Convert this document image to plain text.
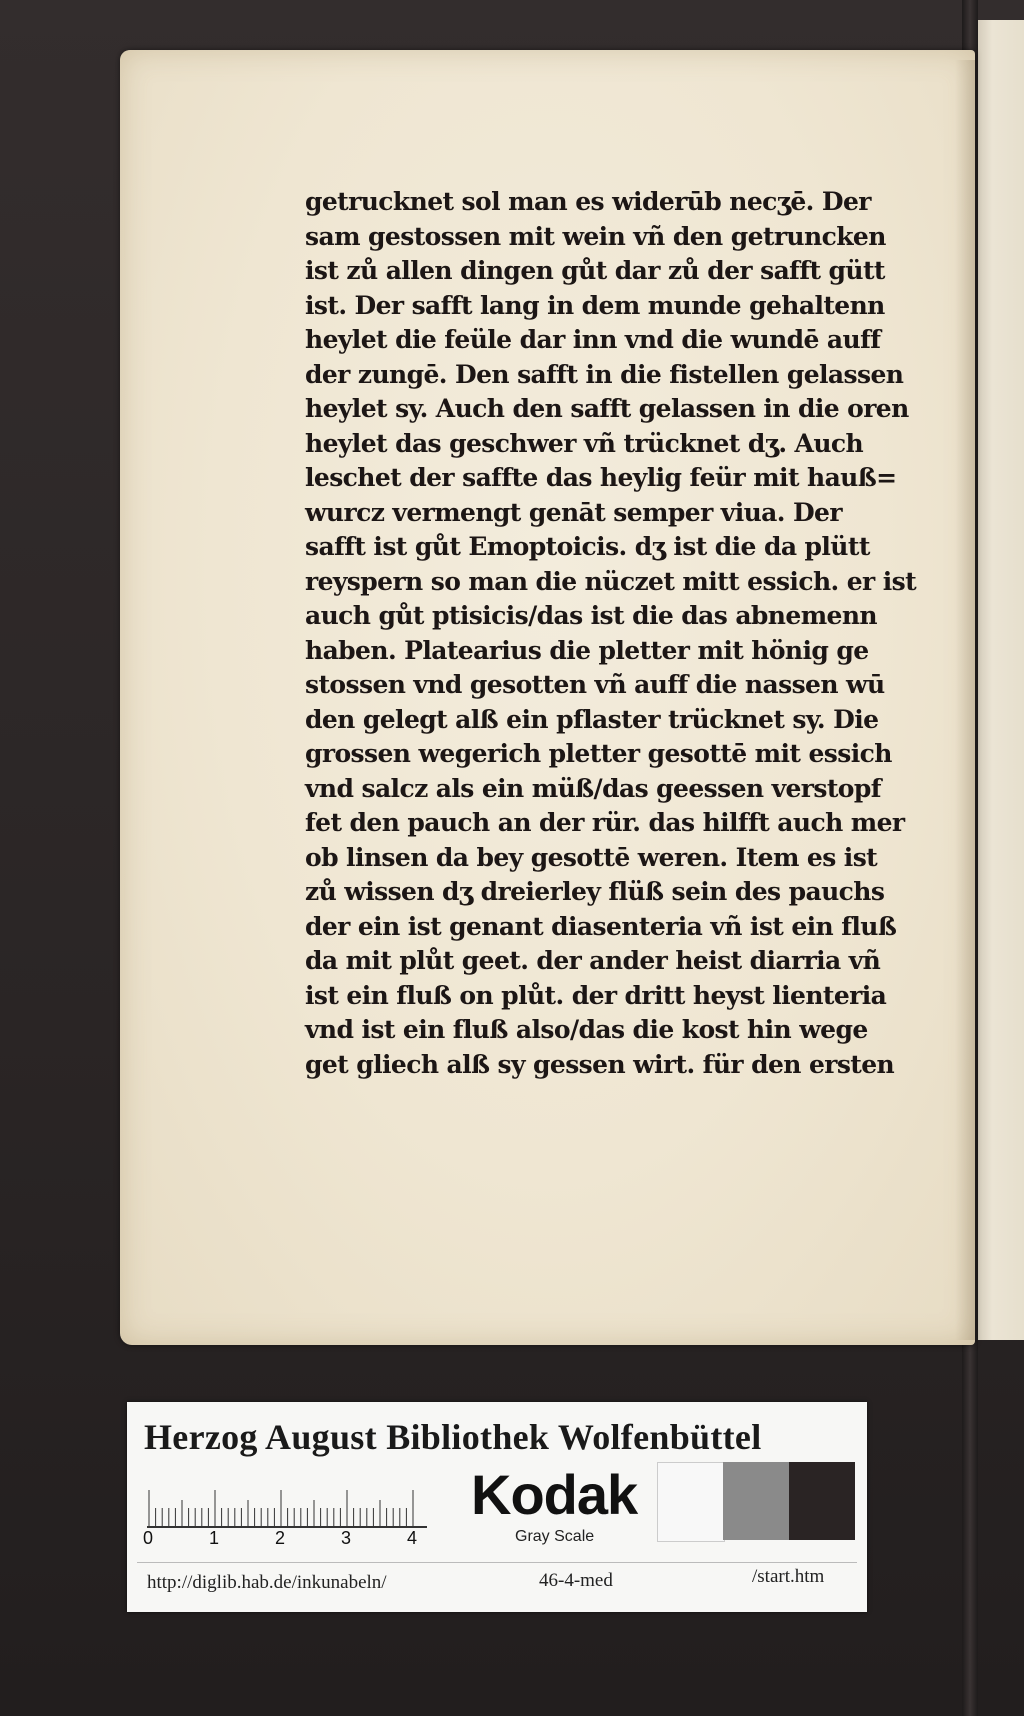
getrucknet sol man es widerūb necʒē. Der
sam gestossen mit wein vñ den getruncken
ist zů allen dingen gůt dar zů der safft gütt
ist. Der safft lang in dem munde gehaltenn
heylet die feüle dar inn vnd die wundē auff
der zungē. Den safft in die fistellen gelassen
heylet sy. Auch den safft gelassen in die oren
heylet das geschwer vñ trücknet dʒ. Auch
leschet der saffte das heylig feür mit hauß=
wurcz vermengt genāt semper viua. Der
safft ist gůt Emoptoicis. dʒ ist die da plütt
reyspern so man die nüczet mitt essich. er ist
auch gůt ptisicis/das ist die das abnemenn
haben. Platearius die pletter mit hönig ge
stossen vnd gesotten vñ auff die nassen wū
den gelegt alß ein pflaster trücknet sy. Die
grossen wegerich pletter gesottē mit essich
vnd salcz als ein müß/das geessen verstopf
fet den pauch an der rür. das hilfft auch mer
ob linsen da bey gesottē weren. Item es ist
zů wissen dʒ dreierley flüß sein des pauchs
der ein ist genant diasenteria vñ ist ein fluß
da mit plůt geet. der ander heist diarria vñ
ist ein fluß on plůt. der dritt heyst lienteria
vnd ist ein fluß also/das die kost hin wege
get gliech alß sy gessen wirt. für den ersten
Herzog August Bibliothek Wolfenbüttel
0	1	2	3	4
Kodak
Gray Scale
http://diglib.hab.de/inkunabeln/	46-4-med	/start.htm
